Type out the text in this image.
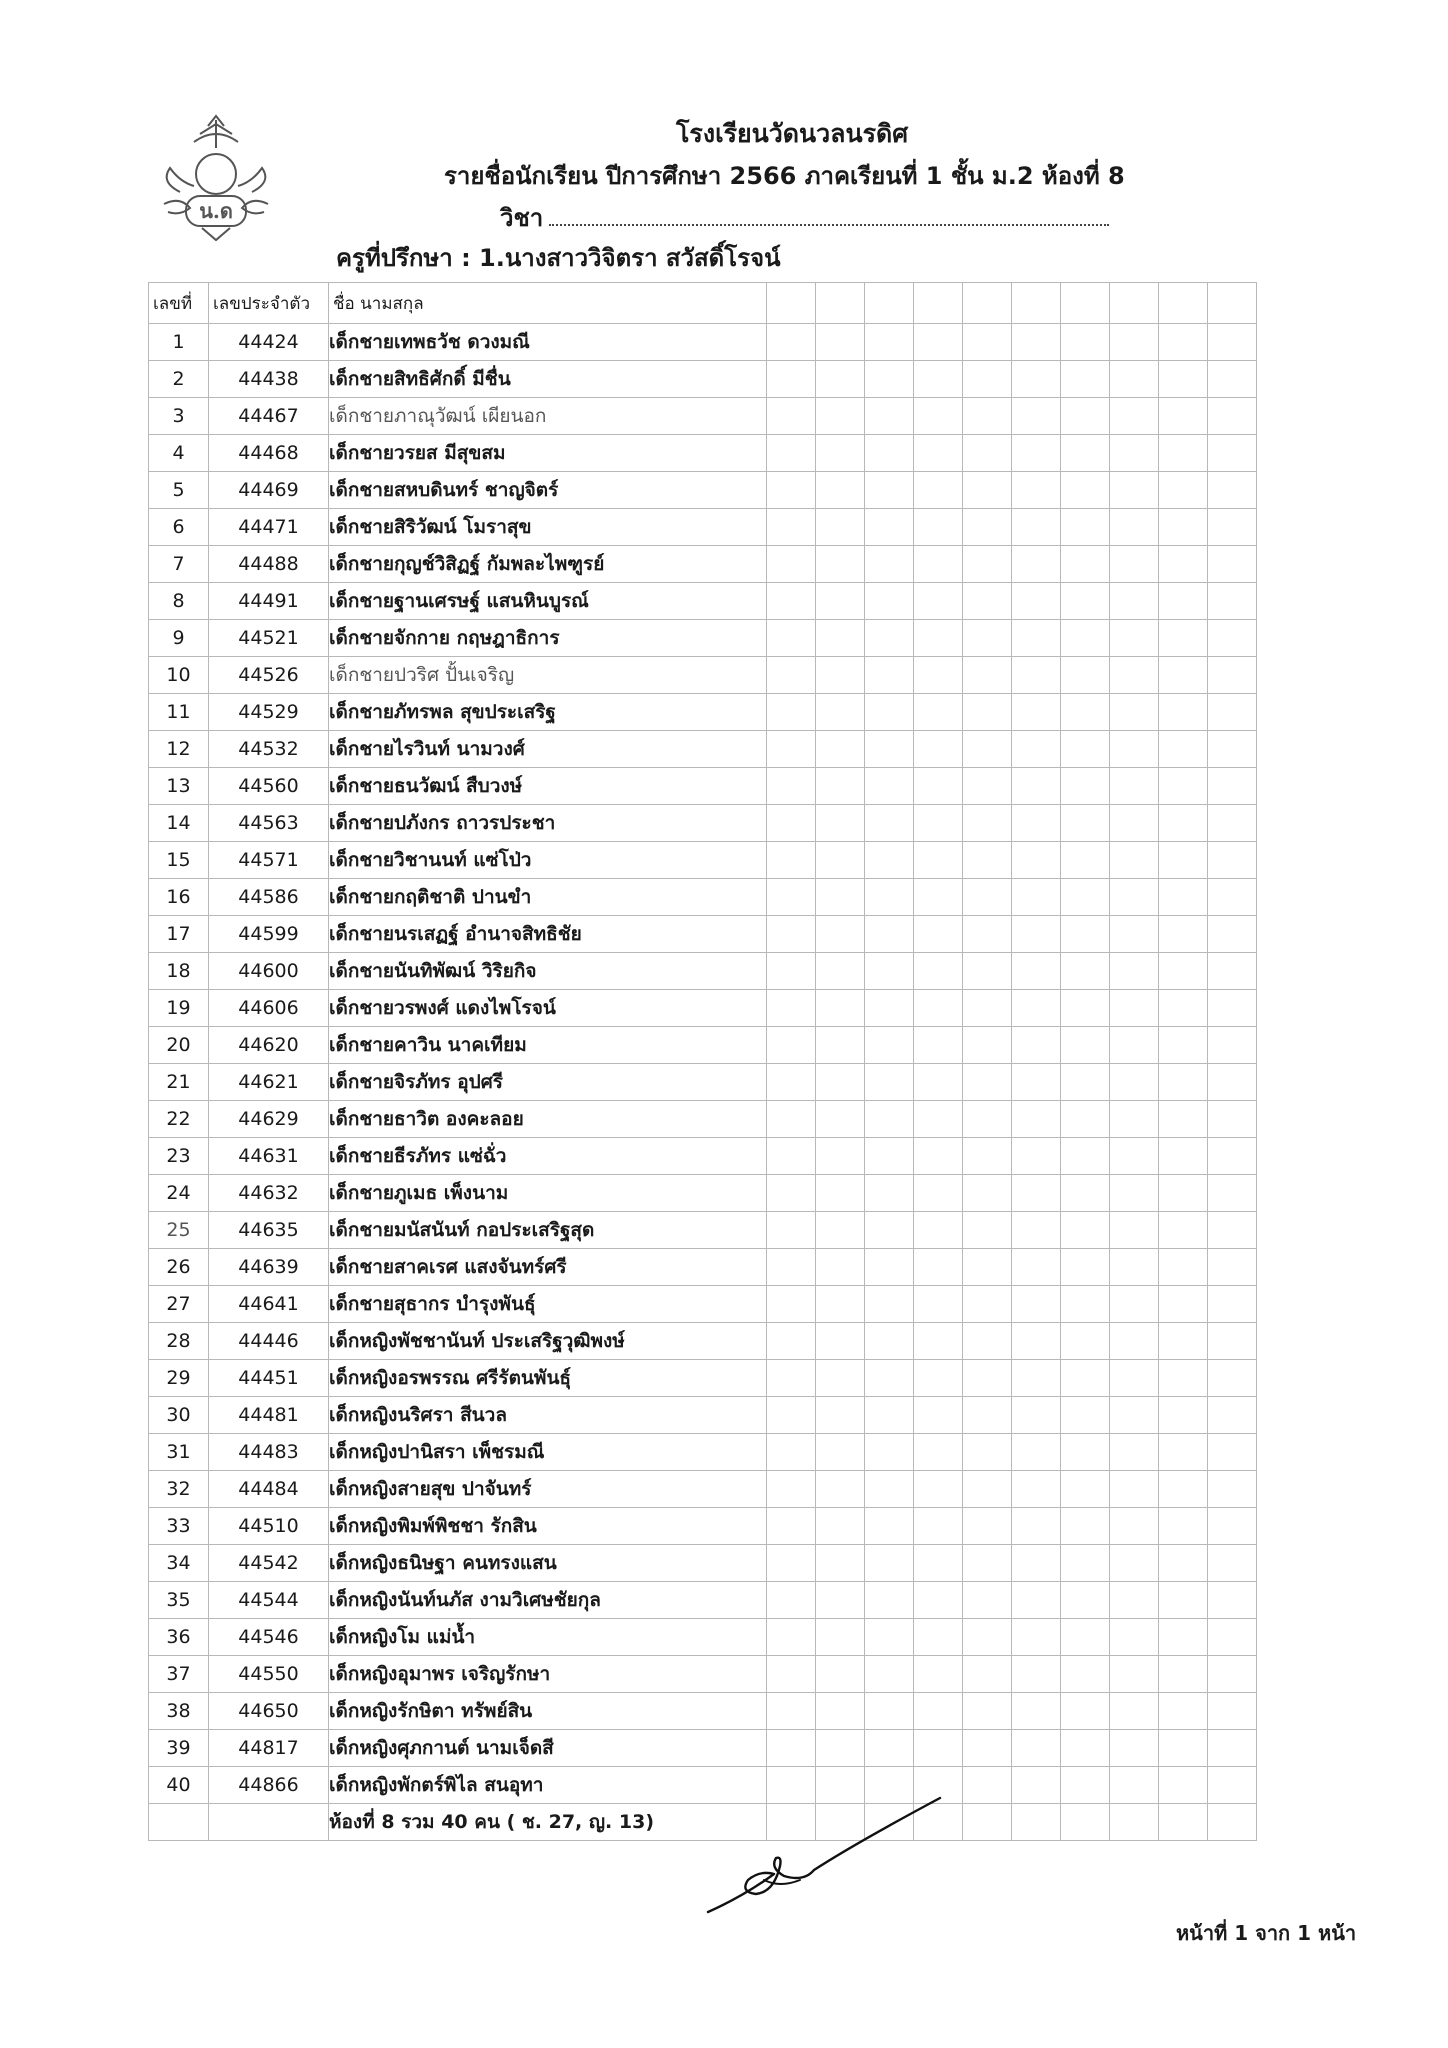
น.ด
โรงเรียนวัดนวลนรดิศ
รายชื่อนักเรียน ปีการศึกษา 2566 ภาคเรียนที่ 1 ชั้น ม.2 ห้องที่ 8
วิชา
ครูที่ปรึกษา : 1.นางสาววิจิตรา สวัสดิ์โรจน์
เลขที่	เลขประจำตัว	ชื่อ นามสกุล										
1	44424	เด็กชายเทพธวัช ดวงมณี										
2	44438	เด็กชายสิทธิศักดิ์ มีชื่น										
3	44467	เด็กชายภาณุวัฒน์ เผียนอก										
4	44468	เด็กชายวรยส มีสุขสม										
5	44469	เด็กชายสหบดินทร์ ชาญจิตร์										
6	44471	เด็กชายสิริวัฒน์ โมราสุข										
7	44488	เด็กชายกุญช์วิสิฏฐ์ กัมพละไพฑูรย์										
8	44491	เด็กชายฐานเศรษฐ์ แสนหินบูรณ์										
9	44521	เด็กชายจักกาย กฤษฎาธิการ										
10	44526	เด็กชายปวริศ ปั้นเจริญ										
11	44529	เด็กชายภัทรพล สุขประเสริฐ										
12	44532	เด็กชายไรวินท์ นามวงศ์										
13	44560	เด็กชายธนวัฒน์ สืบวงษ์										
14	44563	เด็กชายปภังกร ถาวรประชา										
15	44571	เด็กชายวิชานนท์ แซ่โป่ว										
16	44586	เด็กชายกฤติชาติ ปานขำ										
17	44599	เด็กชายนรเสฏฐ์ อำนาจสิทธิชัย										
18	44600	เด็กชายนันทิพัฒน์ วิริยกิจ										
19	44606	เด็กชายวรพงศ์ แดงไพโรจน์										
20	44620	เด็กชายคาวิน นาคเทียม										
21	44621	เด็กชายจิรภัทร อุปศรี										
22	44629	เด็กชายธาวิต องคะลอย										
23	44631	เด็กชายธีรภัทร แซ่ฉั่ว										
24	44632	เด็กชายภูเมธ เพ็งนาม										
25	44635	เด็กชายมนัสนันท์ กอประเสริฐสุด										
26	44639	เด็กชายสาคเรศ แสงจันทร์ศรี										
27	44641	เด็กชายสุธากร บำรุงพันธุ์										
28	44446	เด็กหญิงพัชชานันท์ ประเสริฐวุฒิพงษ์										
29	44451	เด็กหญิงอรพรรณ ศรีรัตนพันธุ์										
30	44481	เด็กหญิงนริศรา สีนวล										
31	44483	เด็กหญิงปานิสรา เพ็ชรมณี										
32	44484	เด็กหญิงสายสุข ปาจันทร์										
33	44510	เด็กหญิงพิมพ์พิชชา รักสิน										
34	44542	เด็กหญิงธนิษฐา คนทรงแสน										
35	44544	เด็กหญิงนันท์นภัส งามวิเศษชัยกุล										
36	44546	เด็กหญิงโม แม่น้ำ										
37	44550	เด็กหญิงอุมาพร เจริญรักษา										
38	44650	เด็กหญิงรักษิตา ทรัพย์สิน										
39	44817	เด็กหญิงศุภกานต์ นามเจ็ดสี										
40	44866	เด็กหญิงพักตร์พิไล สนอุทา										
		ห้องที่ 8 รวม 40 คน ( ช. 27, ญ. 13)										
หน้าที่ 1 จาก 1 หน้า
